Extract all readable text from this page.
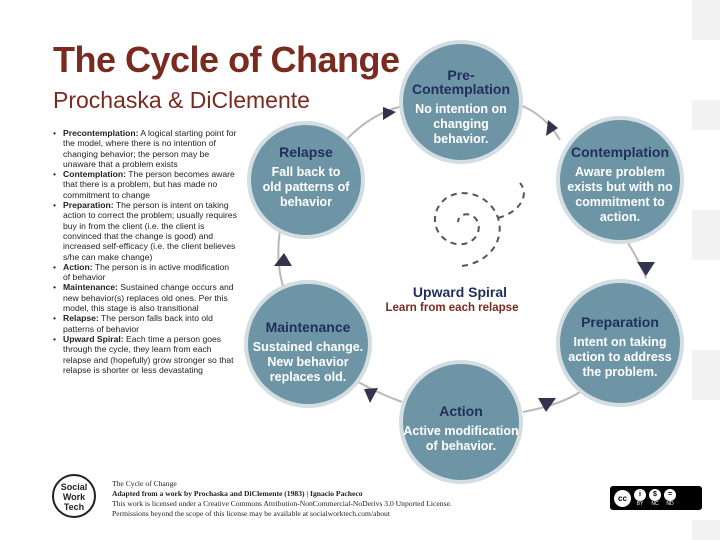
The Cycle of Change
Prochaska & DiClemente
• Precontemplation: A logical starting point for the model, where there is no intention of changing behavior; the person may be unaware that a problem exists
• Contemplation: The person becomes aware that there is a problem, but has made no commitment to change
• Preparation: The person is intent on taking action to correct the problem; usually requires buy in from the client (i.e. the client is convinced that the change is good) and increased self-efficacy (i.e. the client believes s/he can make change)
• Action: The person is in active modification of behavior
• Maintenance: Sustained change occurs and new behavior(s) replaces old ones. Per this model, this stage is also transitional
• Relapse: The person falls back into old patterns of behavior
• Upward Spiral: Each time a person goes through the cycle, they learn from each relapse and (hopefully) grow stronger so that relapse is shorter or less devastating
Pre-
Contemplation
No intention on
changing
behavior.
Contemplation
Aware problem
exists but with no
commitment to
action.
Preparation
Intent on taking
action to address
the problem.
Action
Active modification
of behavior.
Maintenance
Sustained change.
New behavior
replaces old.
Relapse
Fall back to
old patterns of
behavior
Upward Spiral
Learn from each relapse
Social
Work
Tech
The Cycle of Change
Adapted from a work by Prochaska and DiClemente (1983) | Ignacio Pacheco
This work is licensed under a Creative Commons Attribution-NonCommercial-NoDerivs 3.0 Unported License.
Permissions beyond the scope of this license may be available at socialworktech.com/about
cc	i
BY
$
NC
=
ND
